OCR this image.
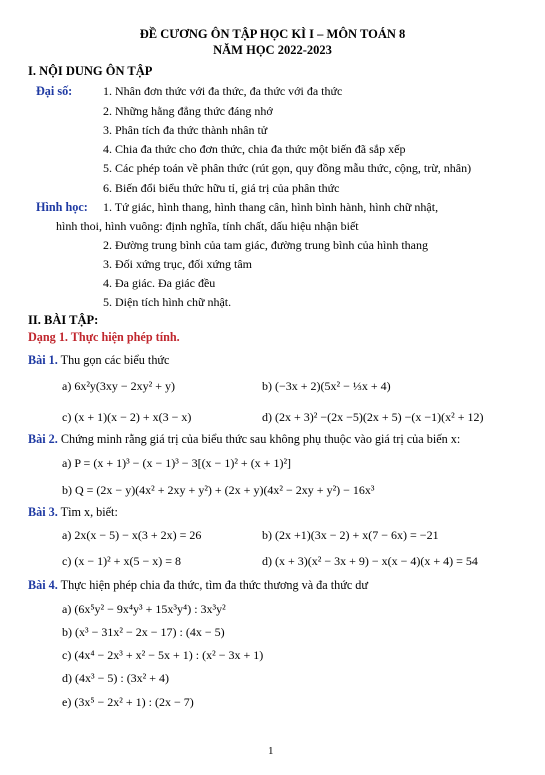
ĐỀ CƯƠNG ÔN TẬP HỌC KÌ I – MÔN TOÁN 8
NĂM HỌC 2022-2023
I. NỘI DUNG ÔN TẬP
Đại số:	1. Nhân đơn thức với đa thức, đa thức với đa thức
2. Những hằng đẳng thức đáng nhớ
3. Phân tích đa thức thành nhân tử
4. Chia đa thức cho đơn thức, chia đa thức một biến đã sắp xếp
5. Các phép toán về phân thức (rút gọn, quy đồng mẫu thức, cộng, trừ, nhân)
6. Biến đổi biểu thức hữu tỉ, giá trị của phân thức
Hình học: 1. Tứ giác, hình thang, hình thang cân, hình bình hành, hình chữ nhật,
hình thoi, hình vuông: định nghĩa, tính chất, dấu hiệu nhận biết
2. Đường trung bình của tam giác, đường trung bình của hình thang
3. Đối xứng trục, đối xứng tâm
4. Đa giác. Đa giác đều
5. Diện tích hình chữ nhật.
II. BÀI TẬP:
Dạng 1. Thực hiện phép tính.
Bài 1. Thu gọn các biểu thức
a) 6x²y(3xy − 2xy² + y)	b) (−3x + 2)(5x² − ⅓x + 4)
c) (x + 1)(x − 2) + x(3 − x)	d) (2x + 3)² −(2x −5)(2x + 5) −(x −1)(x² + 12)
Bài 2. Chứng minh rằng giá trị của biểu thức sau không phụ thuộc vào giá trị của biến x:
a) P = (x + 1)³ − (x − 1)³ − 3[(x − 1)² + (x + 1)²]
b) Q = (2x − y)(4x² + 2xy + y²) + (2x + y)(4x² − 2xy + y²) − 16x³
Bài 3. Tìm x, biết:
a) 2x(x − 5) − x(3 + 2x) = 26	b) (2x +1)(3x − 2) + x(7 − 6x) = −21
c) (x − 1)² + x(5 − x) = 8	d) (x + 3)(x² − 3x + 9) − x(x − 4)(x + 4) = 54
Bài 4. Thực hiện phép chia đa thức, tìm đa thức thương và đa thức dư
a) (6x⁵y² − 9x⁴y³ + 15x³y⁴) : 3x³y²
b) (x³ − 31x² − 2x − 17) : (4x − 5)
c) (4x⁴ − 2x³ + x² − 5x + 1) : (x² − 3x + 1)
d) (4x³ − 5) : (3x² + 4)
e) (3x⁵ − 2x² + 1) : (2x − 7)
1
